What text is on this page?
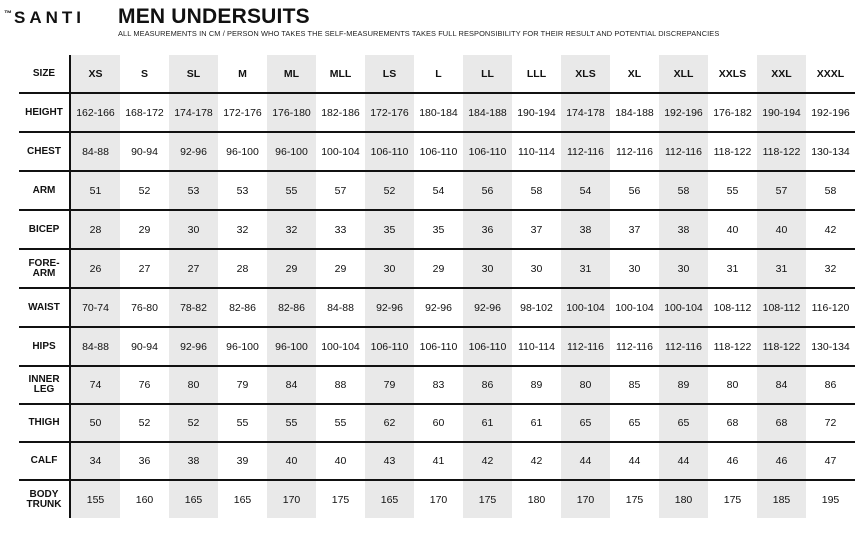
™ SANTI MEN UNDERSUITS
ALL MEASUREMENTS IN CM / PERSON WHO TAKES THE SELF-MEASUREMENTS TAKES FULL RESPONSIBILITY FOR THEIR RESULT AND POTENTIAL DISCREPANCIES
SIZE	XS	S	SL	M	ML	MLL	LS	L	LL	LLL	XLS	XL	XLL	XXLS	XXL	XXXL

HEIGHT	162-166	168-172	174-178	172-176	176-180	182-186	172-176	180-184	184-188	190-194	174-178	184-188	192-196	176-182	190-194	192-196

CHEST	84-88	90-94	92-96	96-100	96-100	100-104	106-110	106-110	106-110	110-114	112-116	112-116	112-116	118-122	118-122	130-134

ARM	51	52	53	53	55	57	52	54	56	58	54	56	58	55	57	58

BICEP	28	29	30	32	32	33	35	35	36	37	38	37	38	40	40	42

FORE-
ARM	26	27	27	28	29	29	30	29	30	30	31	30	30	31	31	32

WAIST	70-74	76-80	78-82	82-86	82-86	84-88	92-96	92-96	92-96	98-102	100-104	100-104	100-104	108-112	108-112	116-120

HIPS	84-88	90-94	92-96	96-100	96-100	100-104	106-110	106-110	106-110	110-114	112-116	112-116	112-116	118-122	118-122	130-134

INNER
LEG	74	76	80	79	84	88	79	83	86	89	80	85	89	80	84	86

THIGH	50	52	52	55	55	55	62	60	61	61	65	65	65	68	68	72

CALF	34	36	38	39	40	40	43	41	42	42	44	44	44	46	46	47

BODY
TRUNK	155	160	165	165	170	175	165	170	175	180	170	175	180	175	185	195
